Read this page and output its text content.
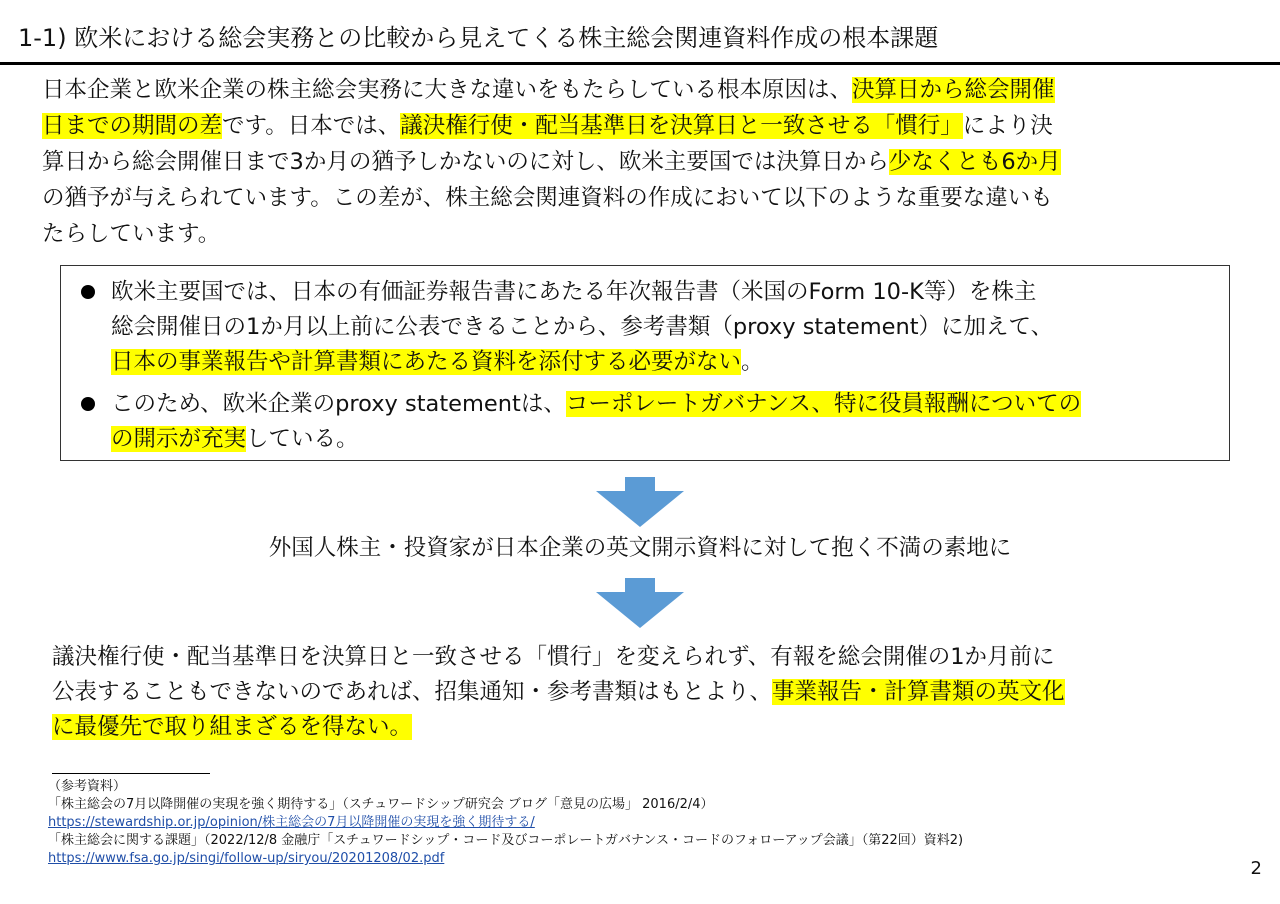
1-1) 欧米における総会実務との比較から見えてくる株主総会関連資料作成の根本課題
日本企業と欧米企業の株主総会実務に大きな違いをもたらしている根本原因は、決算日から総会開催
日までの期間の差です。日本では、議決権行使・配当基準日を決算日と一致させる「慣行」により決
算日から総会開催日まで3か月の猶予しかないのに対し、欧米主要国では決算日から少なくとも6か月
の猶予が与えられています。この差が、株主総会関連資料の作成において以下のような重要な違いも
たらしています。
欧米主要国では、日本の有価証券報告書にあたる年次報告書（米国のForm 10-K等）を株主
総会開催日の1か月以上前に公表できることから、参考書類（proxy statement）に加えて、
日本の事業報告や計算書類にあたる資料を添付する必要がない。
このため、欧米企業のproxy statementは、コーポレートガバナンス、特に役員報酬についての
の開示が充実している。
外国人株主・投資家が日本企業の英文開示資料に対して抱く不満の素地に
議決権行使・配当基準日を決算日と一致させる「慣行」を変えられず、有報を総会開催の1か月前に
公表することもできないのであれば、招集通知・参考書類はもとより、事業報告・計算書類の英文化
に最優先で取り組まざるを得ない。
（参考資料）
「株主総会の7月以降開催の実現を強く期待する」（スチュワードシップ研究会 ブログ「意見の広場」 2016/2/4）
https://stewardship.or.jp/opinion/株主総会の7月以降開催の実現を強く期待する/
「株主総会に関する課題」（2022/12/8 金融庁「スチュワードシップ・コード及びコーポレートガバナンス・コードのフォローアップ会議」（第22回）資料2)
https://www.fsa.go.jp/singi/follow-up/siryou/20201208/02.pdf	2
